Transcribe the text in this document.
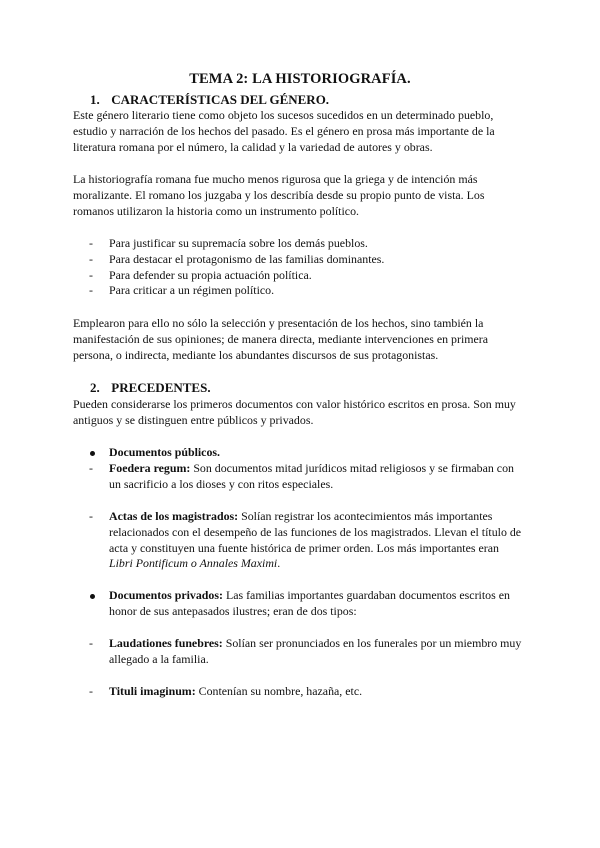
TEMA 2: LA HISTORIOGRAFÍA.
1. CARACTERÍSTICAS DEL GÉNERO.

Este género literario tiene como objeto los sucesos sucedidos en un determinado pueblo, estudio y narración de los hechos del pasado. Es el género en prosa más importante de la literatura romana por el número, la calidad y la variedad de autores y obras.

La historiografía romana fue mucho menos rigurosa que la griega y de intención más moralizante. El romano los juzgaba y los describía desde su propio punto de vista. Los romanos utilizaron la historia como un instrumento político.

- Para justificar su supremacía sobre los demás pueblos.
- Para destacar el protagonismo de las familias dominantes.
- Para defender su propia actuación política.
- Para criticar a un régimen político.

Emplearon para ello no sólo la selección y presentación de los hechos, sino también la manifestación de sus opiniones; de manera directa, mediante intervenciones en primera persona, o indirecta, mediante los abundantes discursos de sus protagonistas.

2. PRECEDENTES.

Pueden considerarse los primeros documentos con valor histórico escritos en prosa. Son muy antiguos y se distinguen entre públicos y privados.

Documentos públicos.
- Foedera regum: Son documentos mitad jurídicos mitad religiosos y se firmaban con un sacrificio a los dioses y con ritos especiales.
- Actas de los magistrados: Solían registrar los acontecimientos más importantes relacionados con el desempeño de las funciones de los magistrados. Llevan el título de acta y constituyen una fuente histórica de primer orden. Los más importantes eran Libri Pontificum o Annales Maximi.
Documentos privados: Las familias importantes guardaban documentos escritos en honor de sus antepasados ilustres; eran de dos tipos:
- Laudationes funebres: Solían ser pronunciados en los funerales por un miembro muy allegado a la familia.
- Tituli imaginum: Contenían su nombre, hazaña, etc.
